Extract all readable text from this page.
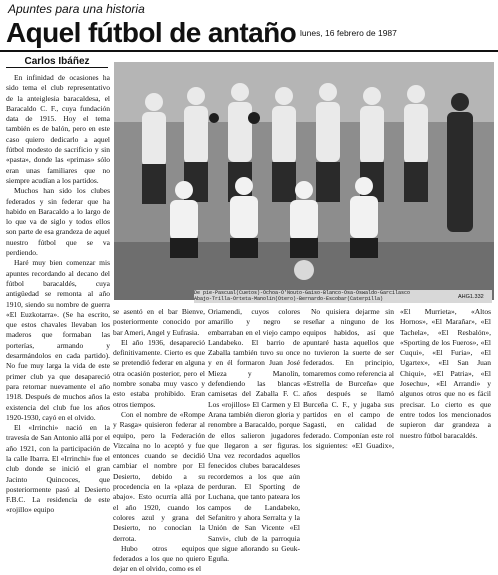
Apuntes para una historia
Aquel fútbol de antaño lunes, 16 febrero de 1987
Carlos Ibáñez

En infinidad de ocasiones ha sido tema el club representativo de la anteiglesia baracaldesa, el Baracaldo C. F., cuya fundación data de 1915. Hoy el tema también es de balón, pero en este caso quiero dedicarlo a aquel fútbol modesto de sacrificio y sin «pasta», donde las «primas» sólo eran unas familiares que no siempre acudían a los partidos.

Muchos han sido los clubes federados y sin federar que ha habido en Baracaldo a lo largo de lo que va de siglo y todos ellos son parte de esa grandeza de aquel nuestro fútbol que se va perdiendo.

Haré muy bien comenzar mis apuntes recordando al decano del fútbol baracaldés, cuya antigüedad se remonta al año 1910, siendo su nombre de guerra «El Euzkotarra». (Se ha escrito, que estos chavales llevaban los maderos que formaban las porterías, armando y desarmándolos en cada partido). No fue muy larga la vida de este primer club ya que desapareció para retornar nuevamente el año 1918. Después de muchos años la existencia del club fue los años 1920-1930, cayó en el olvido.

El «Irrinchi» nació en la travesía de San Antonio allá por el año 1921, con la participación de la calle Ibarra. El «Irrinchi» fue el club donde se inició el gran Jacinto Quincoces, que posteriormente pasó al Desierto F.B.C. La residencia de este «rojillo» equipo

De pie-Pascual(Cuetos)-Ochoa-O'Nouto-Gaiso-Blanco-Osa-Oswaldo-Garcilasco
Abajo-Trilla-Orteta-Manolín(Otero)-Bernardo-Escobar(Caterpilla)	AHG1.332

se asentó en el bar Bienve, posteriormente conocido por bar Ameri, Angel y Eufrasia.

El año 1936, desapareció definitivamente. Cierto es que se pretendió federar en alguna otra ocasión posterior, pero el nombre sonaba muy vasco y esto estaba prohibido. Eran otros tiempos.

Con el nombre de «Rompe y Rasga» quisieron federar al equipo, pero la Federación Vizcaína no lo aceptó y fue entonces cuando se decidió cambiar el nombre por El Desierto, debido a su procedencia en la «plaza de abajo». Esto ocurría allá por el año 1920, cuando los colores azul y grana del Desierto, no conocían la derrota.

Hubo otros equipos federados a los que no quiero dejar en el olvido, como es el

Oriamendi, cuyos colores amarillo y negro se embarraban en el viejo campo Landabeko. El barrio de Zaballa también tuvo su once y en él formaron Juan José Mieza y Manolín, defendiendo las blancas camisetas del Zaballa F. C. Los «rojillos» El Carmen y El Arana también dieron gloria y renombre a Baracaldo, porque de ellos salieron jugadores que llegaron a ser figuras. Una vez recordados aquellos fenecidos clubes baracaldeses recordemos a los que aún perduran. El Sporting de Luchana, que tanto pateara los campos de Landabeko, Sefanitro y ahora Serralta y la Unión de San Vicente «El Sanvi», club de la parroquia que sigue añorando su Geuk-Eguña.

No quisiera dejarme sin reseñar a ninguno de los equipos habidos, así que apuntaré hasta aquellos que no tuvieron la suerte de ser federados. En principio, tomaremos como referencia al «Estrella de Burceña» que años después se llamó Burceña C. F., y jugaba sus partidos en el campo de Sagasti, en calidad de federado. Componían este rol los siguientes: «El Guadix», «El Murrieta», «Altos Hornos», «El Marañar», «El Tachela», «El Resbalón», «Sporting de los Fueros», «El Cuqui», «El Furia», «El Ugartex», «El San Juan Chiqui», «El Patria», «El Josechu», «El Arrandi» y algunos otros que no es fácil precisar. Lo cierto es que entre todos los mencionados supieron dar grandeza a nuestro fútbol baracaldés.
